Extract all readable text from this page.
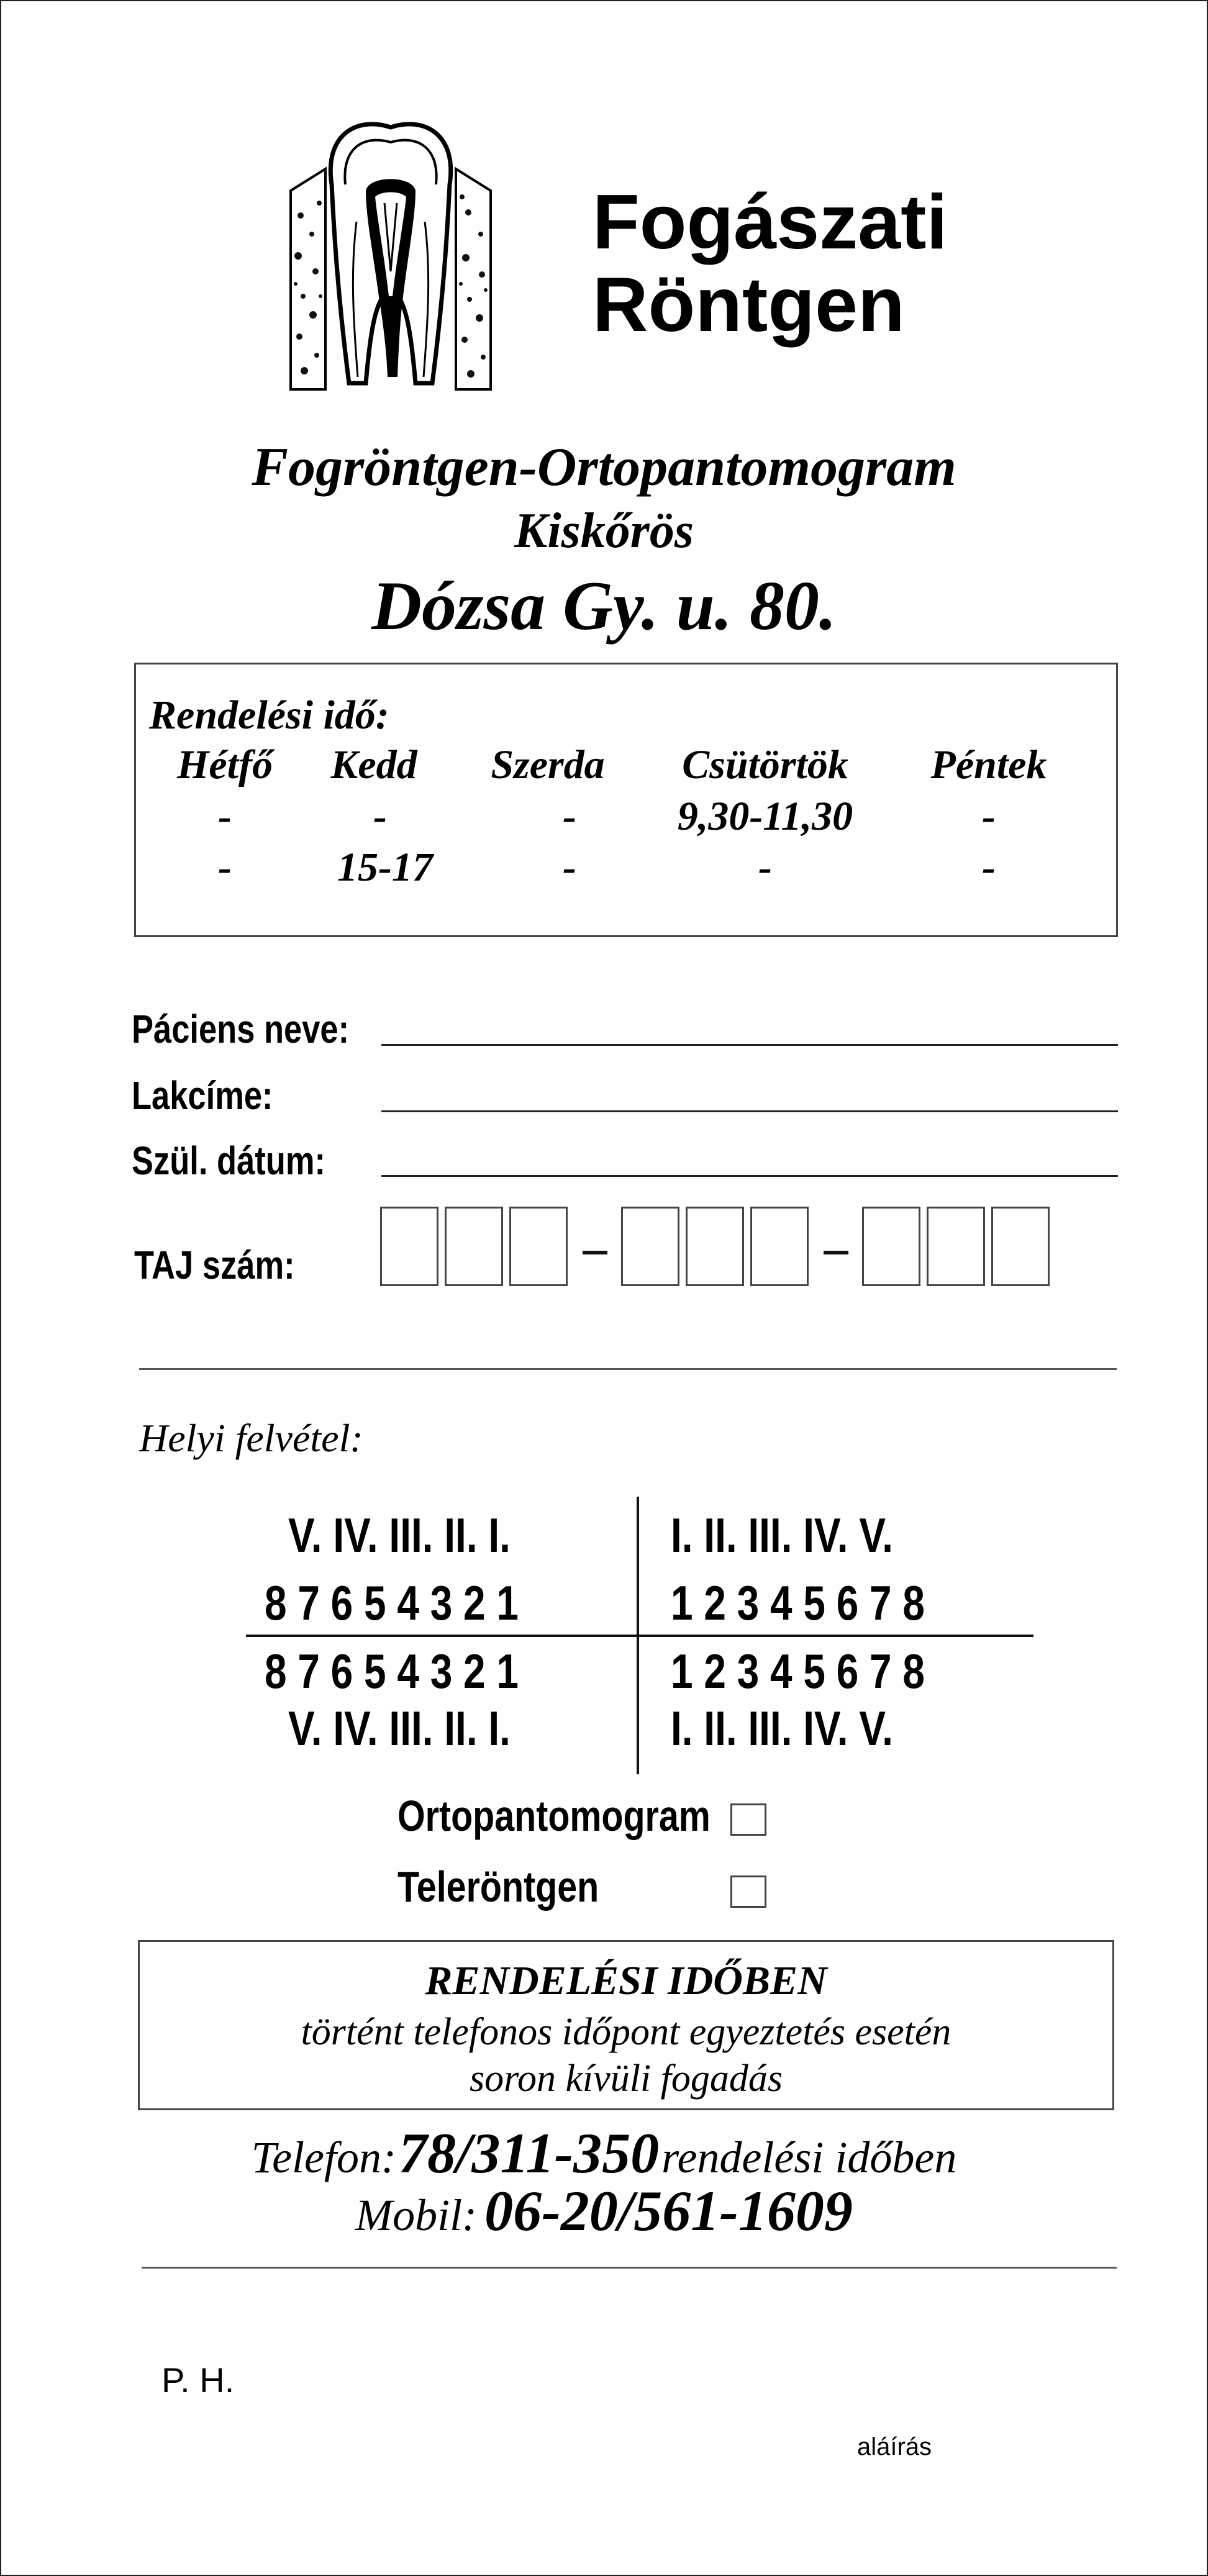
Fogászati
Röntgen
Fogröntgen-Ortopantomogram
Kiskőrös
Dózsa Gy. u. 80.
Rendelési idő:
Hétfő	Kedd	Szerda	Csütörtök	Péntek
-	-	-	9,30-11,30	-
-	15-17	-	-	-
Páciens neve:
Lakcíme:
Szül. dátum:
TAJ szám:
Helyi felvétel:
V. IV. III. II. I.	I. II. III. IV. V.
8 7 6 5 4 3 2 1	1 2 3 4 5 6 7 8
8 7 6 5 4 3 2 1	1 2 3 4 5 6 7 8
V. IV. III. II. I.	I. II. III. IV. V.
Ortopantomogram
Teleröntgen
RENDELÉSI IDŐBEN
történt telefonos időpont egyeztetés esetén
soron kívüli fogadás
Telefon: 78/311-350 rendelési időben
Mobil: 06-20/561-1609
P. H.
aláírás
